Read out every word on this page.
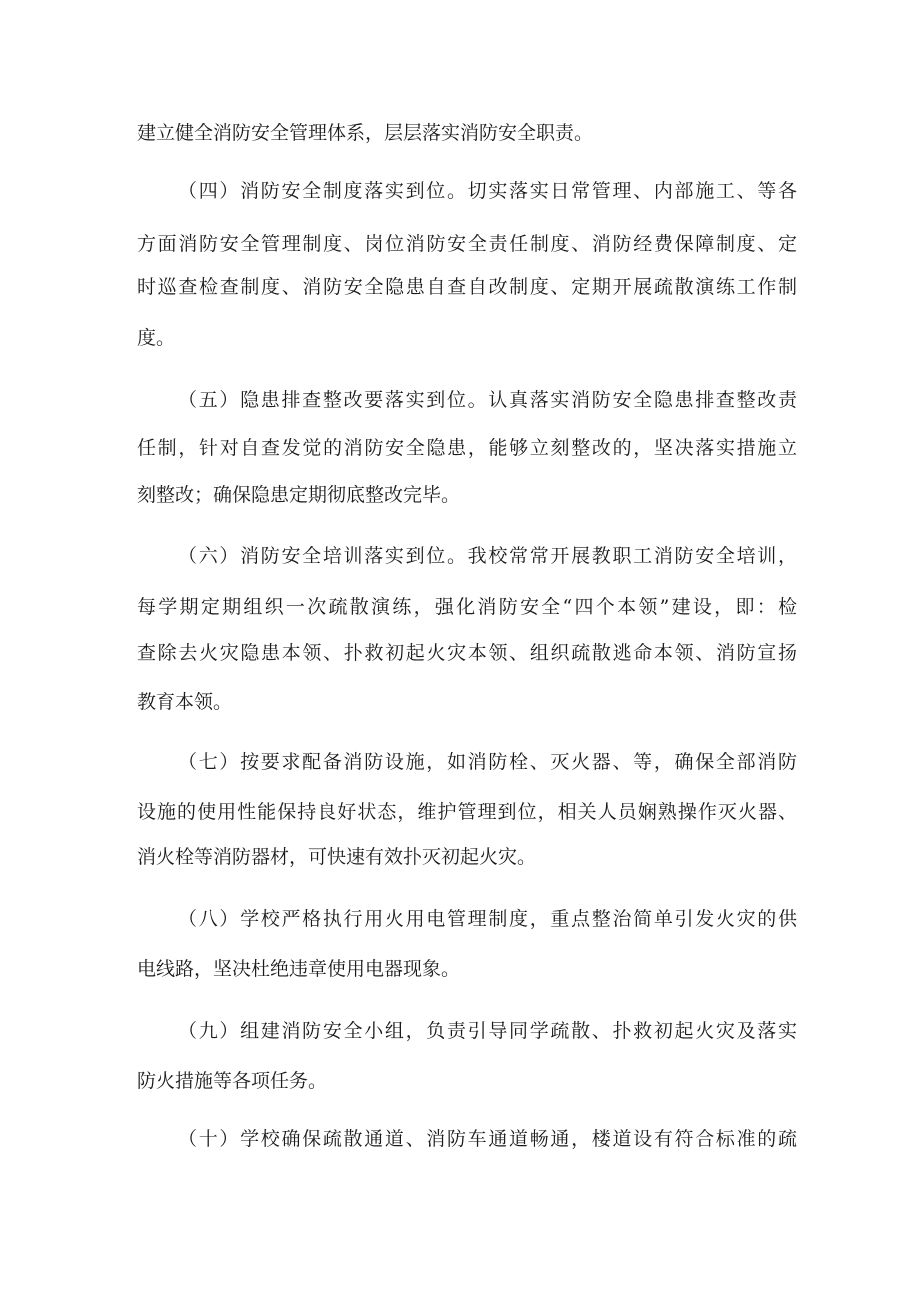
建立健全消防安全管理体系，层层落实消防安全职责。
（四）消防安全制度落实到位。切实落实日常管理、内部施工、等各
方面消防安全管理制度、岗位消防安全责任制度、消防经费保障制度、定
时巡查检查制度、消防安全隐患自查自改制度、定期开展疏散演练工作制
度。
（五）隐患排查整改要落实到位。认真落实消防安全隐患排查整改责
任制，针对自查发觉的消防安全隐患，能够立刻整改的，坚决落实措施立
刻整改；确保隐患定期彻底整改完毕。
（六）消防安全培训落实到位。我校常常开展教职工消防安全培训，
每学期定期组织一次疏散演练，强化消防安全“四个本领”建设，即：检
查除去火灾隐患本领、扑救初起火灾本领、组织疏散逃命本领、消防宣扬
教育本领。
（七）按要求配备消防设施，如消防栓、灭火器、等，确保全部消防
设施的使用性能保持良好状态，维护管理到位，相关人员娴熟操作灭火器、
消火栓等消防器材，可快速有效扑灭初起火灾。
（八）学校严格执行用火用电管理制度，重点整治简单引发火灾的供
电线路，坚决杜绝违章使用电器现象。
（九）组建消防安全小组，负责引导同学疏散、扑救初起火灾及落实
防火措施等各项任务。
（十）学校确保疏散通道、消防车通道畅通，楼道设有符合标准的疏
